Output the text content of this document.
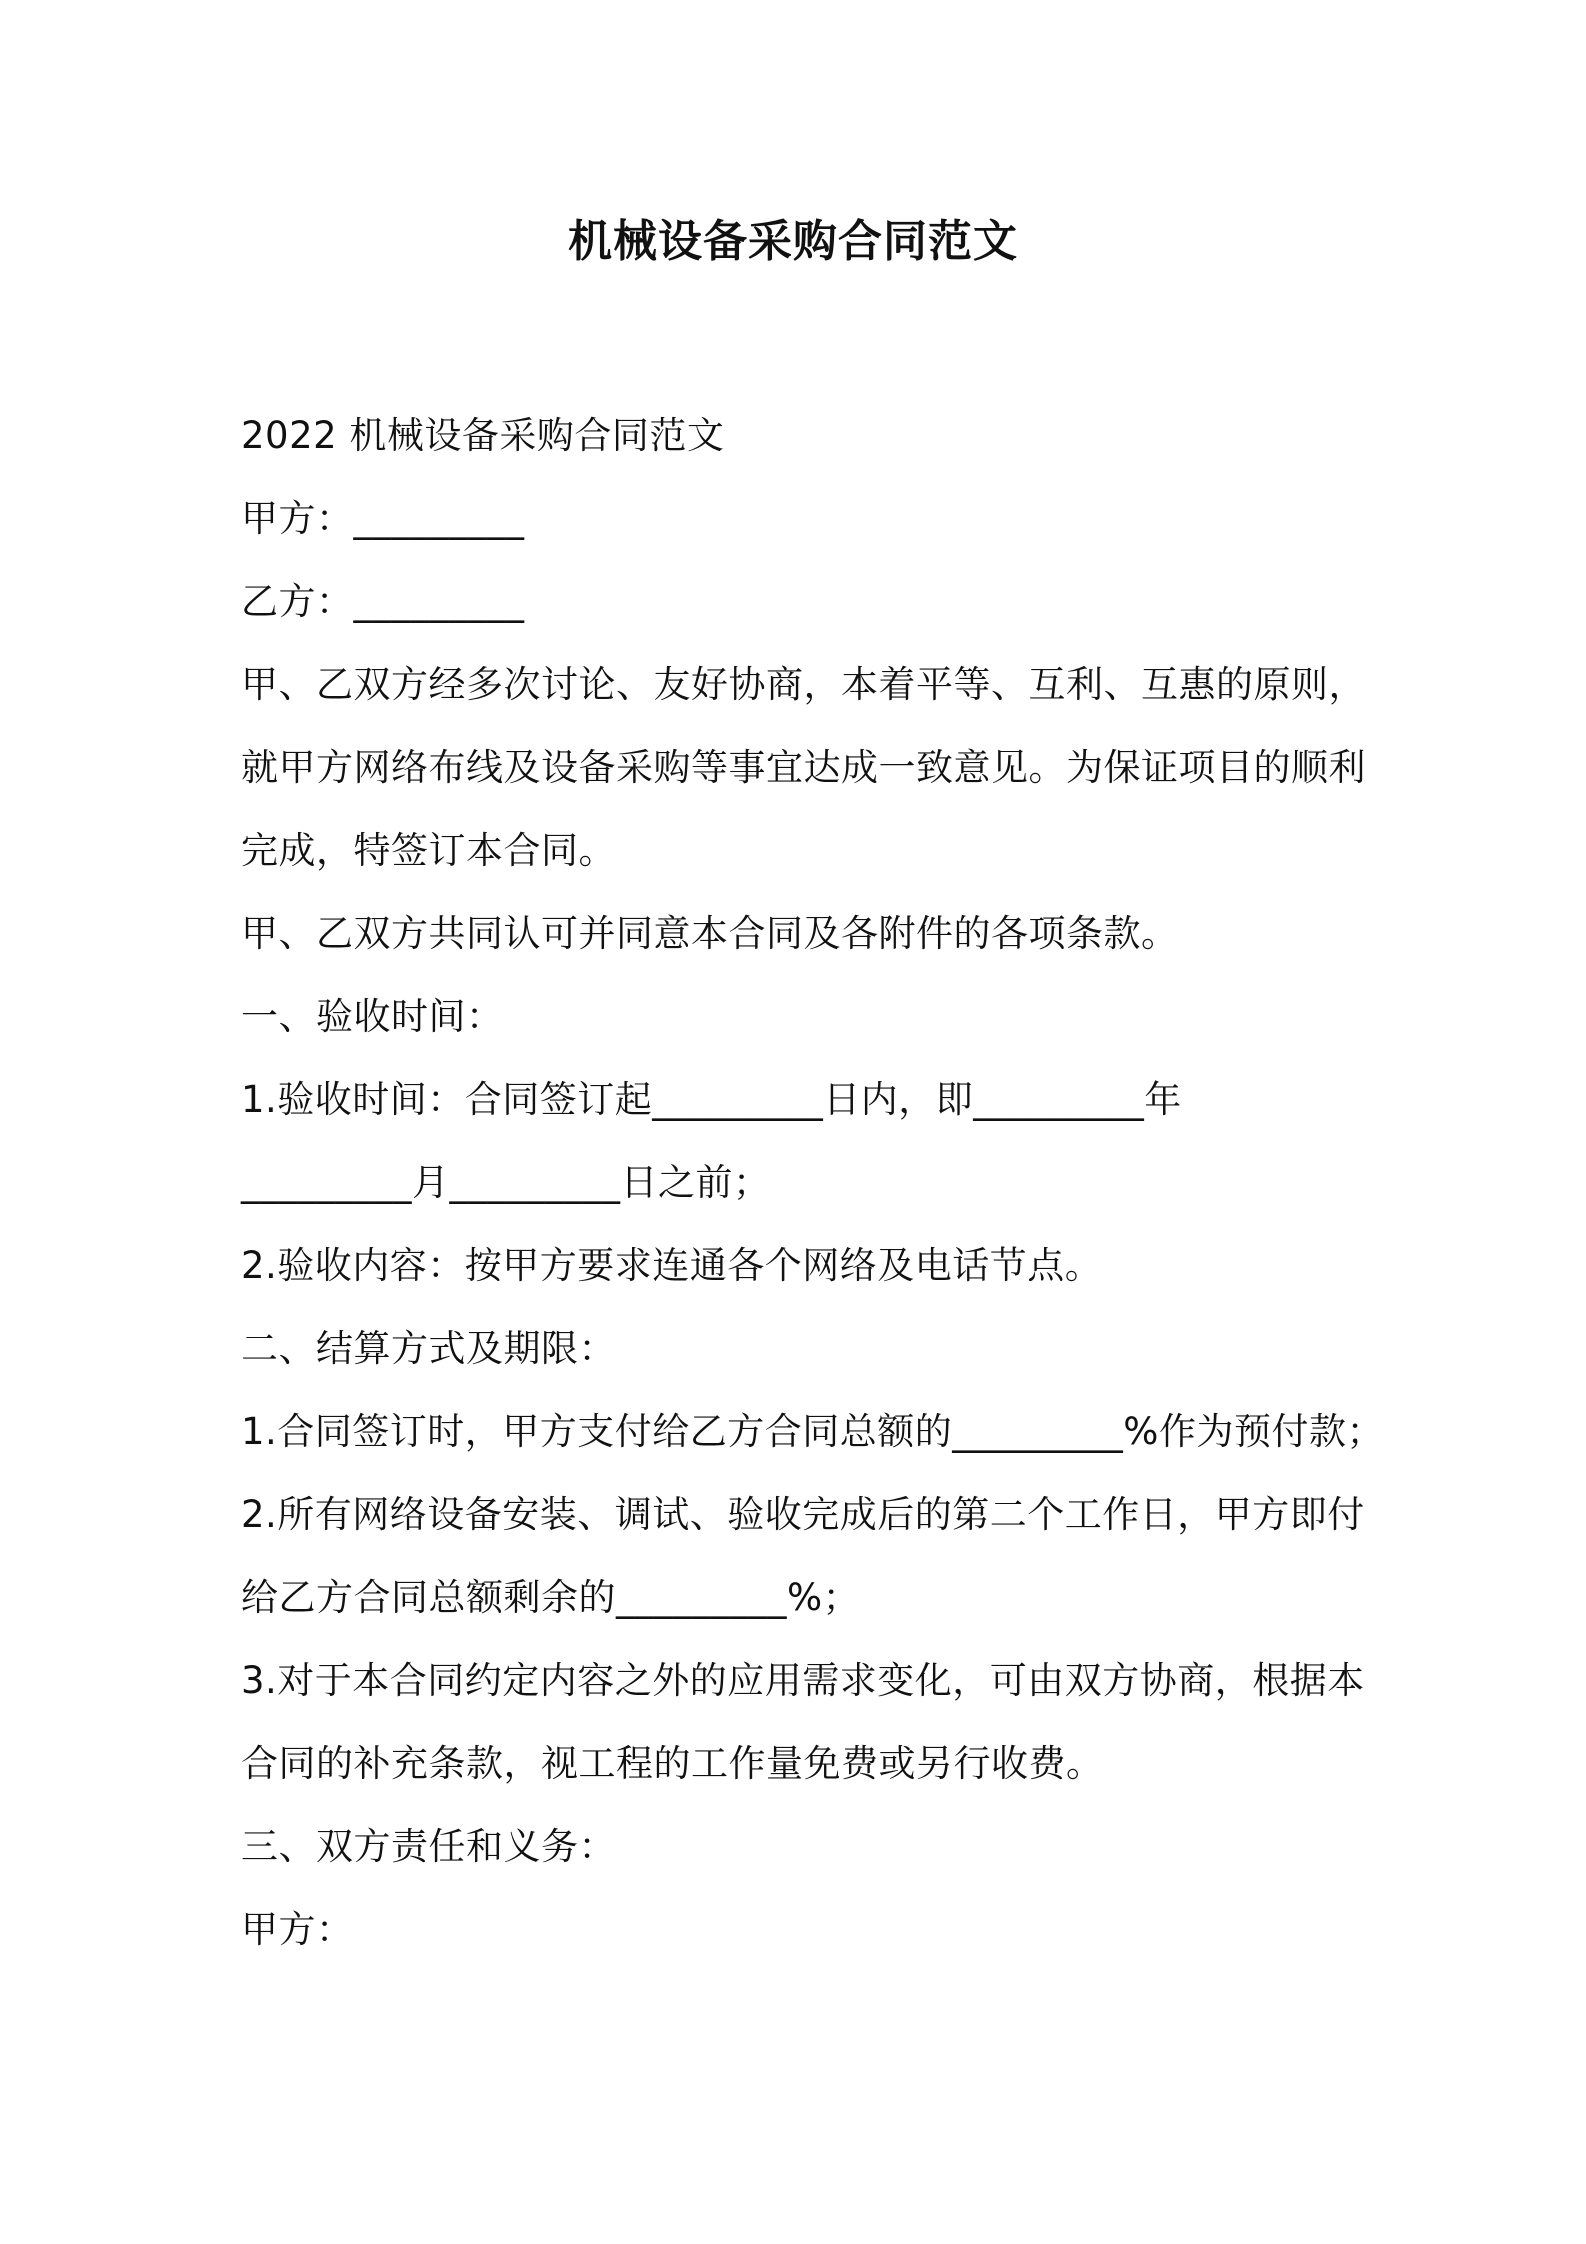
机械设备采购合同范文
2022 机械设备采购合同范文
甲方：_________
乙方：_________
甲、乙双方经多次讨论、友好协商，本着平等、互利、互惠的原则，
就甲方网络布线及设备采购等事宜达成一致意见。为保证项目的顺利
完成，特签订本合同。
甲、乙双方共同认可并同意本合同及各附件的各项条款。
一、验收时间：
1.验收时间：合同签订起_________日内，即_________年
_________月_________日之前；
2.验收内容：按甲方要求连通各个网络及电话节点。
二、结算方式及期限：
1.合同签订时，甲方支付给乙方合同总额的_________%作为预付款；
2.所有网络设备安装、调试、验收完成后的第二个工作日，甲方即付
给乙方合同总额剩余的_________%；
3.对于本合同约定内容之外的应用需求变化，可由双方协商，根据本
合同的补充条款，视工程的工作量免费或另行收费。
三、双方责任和义务：
甲方：
